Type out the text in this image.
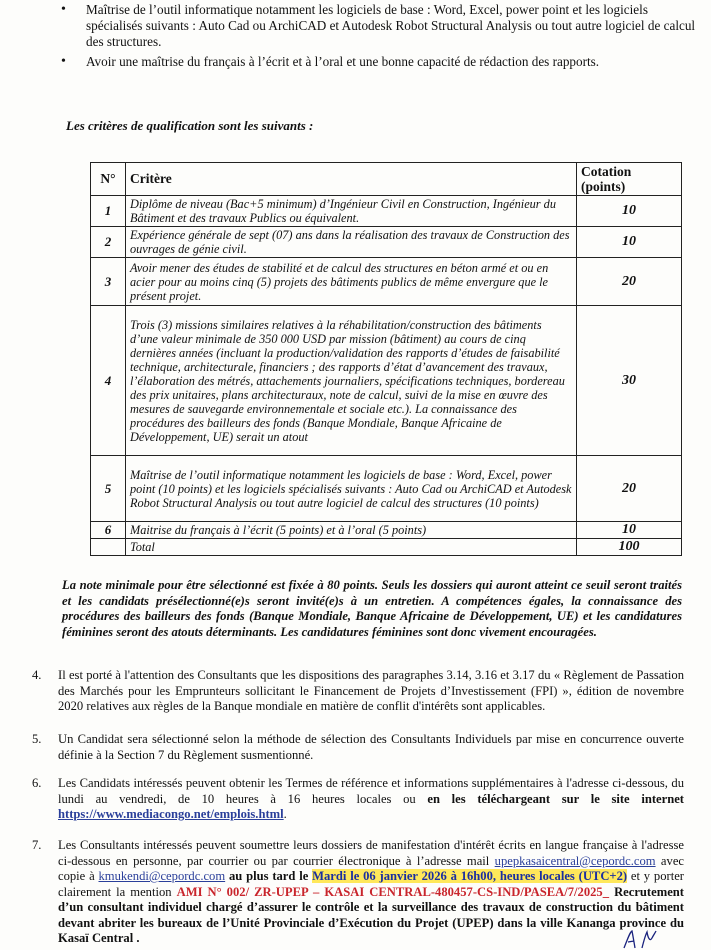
• Maîtrise de l’outil informatique notamment les logiciels de base : Word, Excel, power point et les logiciels spécialisés suivants : Auto Cad ou ArchiCAD et Autodesk Robot Structural Analysis ou tout autre logiciel de calcul des structures.
• Avoir une maîtrise du français à l’écrit et à l’oral et une bonne capacité de rédaction des rapports.
Les critères de qualification sont les suivants :
N°	Critère	Cotation (points)
1	Diplôme de niveau (Bac+5 minimum) d’Ingénieur Civil en Construction, Ingénieur du Bâtiment et des travaux Publics ou équivalent.	10
2	Expérience générale de sept (07) ans dans la réalisation des travaux de Construction des ouvrages de génie civil.	10
3	Avoir mener des études de stabilité et de calcul des structures en béton armé et ou en acier pour au moins cinq (5) projets des bâtiments publics de même envergure que le présent projet.	20
4	Trois (3) missions similaires relatives à la réhabilitation/construction des bâtiments d’une valeur minimale de 350 000 USD par mission (bâtiment) au cours de cinq dernières années (incluant la production/validation des rapports d’études de faisabilité technique, architecturale, financiers ; des rapports d’état d’avancement des travaux, l’élaboration des métrés, attachements journaliers, spécifications techniques, bordereau des prix unitaires, plans architecturaux, note de calcul, suivi de la mise en œuvre des mesures de sauvegarde environnementale et sociale etc.). La connaissance des procédures des bailleurs des fonds (Banque Mondiale, Banque Africaine de Développement, UE) serait un atout	30
5	Maîtrise de l’outil informatique notamment les logiciels de base : Word, Excel, power point (10 points) et les logiciels spécialisés suivants : Auto Cad ou ArchiCAD et Autodesk Robot Structural Analysis ou tout autre logiciel de calcul des structures (10 points)	20
6	Maitrise du français à l’écrit (5 points) et à l’oral (5 points)	10
	Total	100
La note minimale pour être sélectionné est fixée à 80 points. Seuls les dossiers qui auront atteint ce seuil seront traités et les candidats présélectionné(e)s seront invité(e)s à un entretien. A compétences égales, la connaissance des procédures des bailleurs des fonds (Banque Mondiale, Banque Africaine de Développement, UE) et les candidatures féminines seront des atouts déterminants. Les candidatures féminines sont donc vivement encouragées.
4. Il est porté à l'attention des Consultants que les dispositions des paragraphes 3.14, 3.16 et 3.17 du « Règlement de Passation des Marchés pour les Emprunteurs sollicitant le Financement de Projets d’Investissement (FPI) », édition de novembre 2020 relatives aux règles de la Banque mondiale en matière de conflit d'intérêts sont applicables.
5. Un Candidat sera sélectionné selon la méthode de sélection des Consultants Individuels par mise en concurrence ouverte définie à la Section 7 du Règlement susmentionné.
6. Les Candidats intéressés peuvent obtenir les Termes de référence et informations supplémentaires à l'adresse ci-dessous, du lundi au vendredi, de 10 heures à 16 heures locales ou en les téléchargeant sur le site internet https://www.mediacongo.net/emplois.html.
7. Les Consultants intéressés peuvent soumettre leurs dossiers de manifestation d'intérêt écrits en langue française à l'adresse ci-dessous en personne, par courrier ou par courrier électronique à l’adresse mail upepkasaicentral@cepordc.com avec copie à kmukendi@cepordc.com au plus tard le Mardi le 06 janvier 2026 à 16h00, heures locales (UTC+2) et y porter clairement la mention AMI N° 002/ ZR-UPEP – KASAI CENTRAL-480457-CS-IND/PASEA/7/2025_ Recrutement d’un consultant individuel chargé d’assurer le contrôle et la surveillance des travaux de construction du bâtiment devant abriter les bureaux de l’Unité Provinciale d’Exécution du Projet (UPEP) dans la ville Kananga province du Kasaï Central .
